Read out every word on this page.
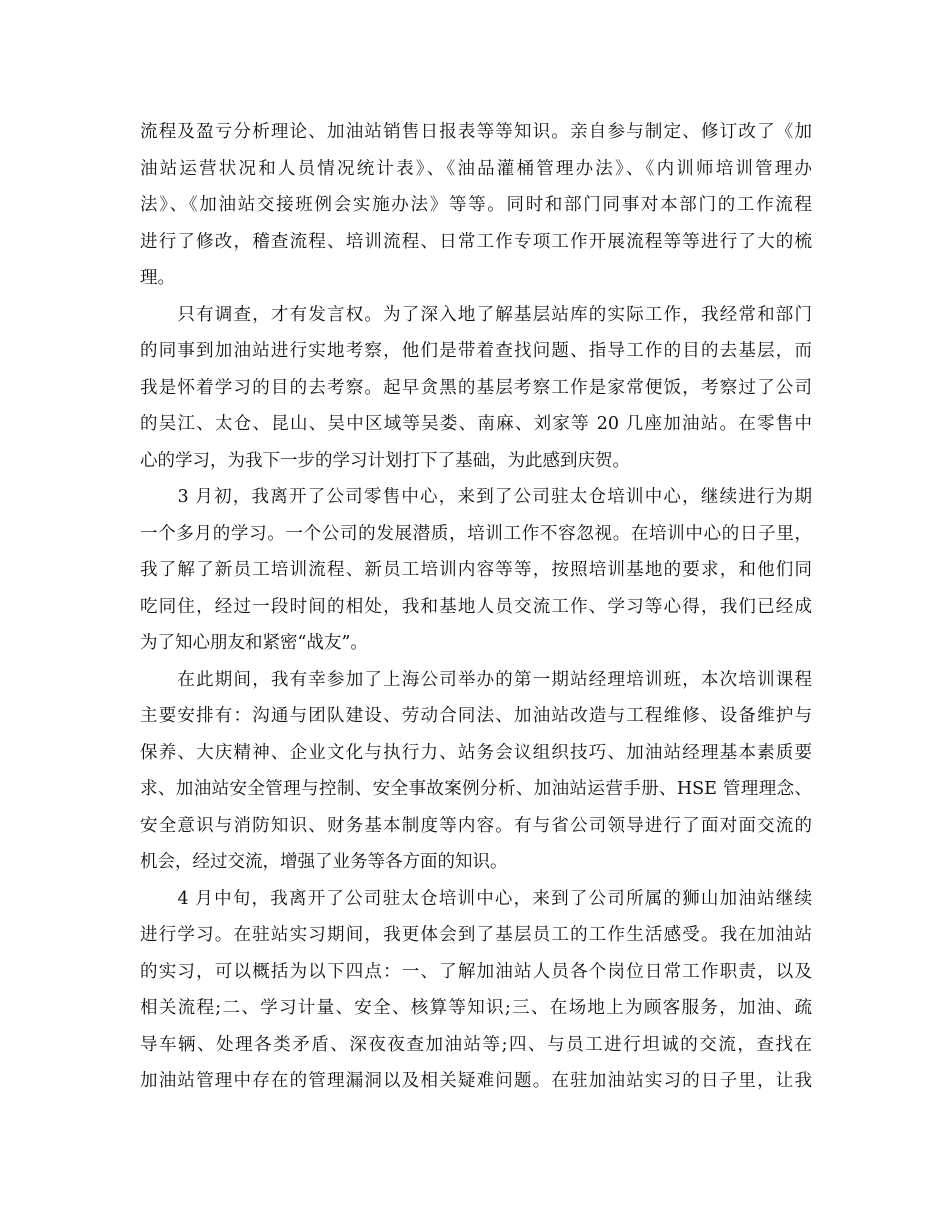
流程及盈亏分析理论、加油站销售日报表等等知识。亲自参与制定、修订改了《加
油站运营状况和人员情况统计表》、《油品灌桶管理办法》、《内训师培训管理办
法》、《加油站交接班例会实施办法》等等。同时和部门同事对本部门的工作流程
进行了修改，稽查流程、培训流程、日常工作专项工作开展流程等等进行了大的梳
理。
　　只有调查，才有发言权。为了深入地了解基层站库的实际工作，我经常和部门
的同事到加油站进行实地考察，他们是带着查找问题、指导工作的目的去基层，而
我是怀着学习的目的去考察。起早贪黑的基层考察工作是家常便饭，考察过了公司
的吴江、太仓、昆山、吴中区域等吴娄、南麻、刘家等 20 几座加油站。在零售中
心的学习，为我下一步的学习计划打下了基础，为此感到庆贺。
　　3 月初，我离开了公司零售中心，来到了公司驻太仓培训中心，继续进行为期
一个多月的学习。一个公司的发展潜质，培训工作不容忽视。在培训中心的日子里，
我了解了新员工培训流程、新员工培训内容等等，按照培训基地的要求，和他们同
吃同住，经过一段时间的相处，我和基地人员交流工作、学习等心得，我们已经成
为了知心朋友和紧密“战友”。
　　在此期间，我有幸参加了上海公司举办的第一期站经理培训班，本次培训课程
主要安排有：沟通与团队建设、劳动合同法、加油站改造与工程维修、设备维护与
保养、大庆精神、企业文化与执行力、站务会议组织技巧、加油站经理基本素质要
求、加油站安全管理与控制、安全事故案例分析、加油站运营手册、HSE 管理理念、
安全意识与消防知识、财务基本制度等内容。有与省公司领导进行了面对面交流的
机会，经过交流，增强了业务等各方面的知识。
　　4 月中旬，我离开了公司驻太仓培训中心，来到了公司所属的狮山加油站继续
进行学习。在驻站实习期间，我更体会到了基层员工的工作生活感受。我在加油站
的实习，可以概括为以下四点：一、了解加油站人员各个岗位日常工作职责，以及
相关流程;二、学习计量、安全、核算等知识;三、在场地上为顾客服务，加油、疏
导车辆、处理各类矛盾、深夜夜查加油站等;四、与员工进行坦诚的交流，查找在
加油站管理中存在的管理漏洞以及相关疑难问题。在驻加油站实习的日子里，让我
